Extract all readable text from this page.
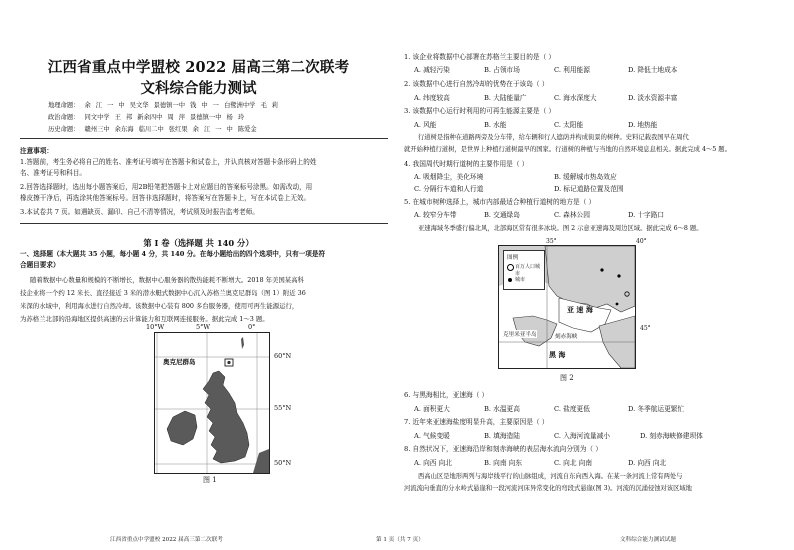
江西省重点中学盟校 2022 届高三第二次联考
文科综合能力测试
地理命题： 余 江 一 中 吴文华 景德镇一中 钱 中 一 白鹭洲中学 毛 莉
政治命题： 同文中学 王 邦 新余四中 周 萍 景德镇一中 杨 玲
历史命题： 赣州三中 余东海 临川二中 张红果 余 江 一 中 陈爱金
注意事项：
1.答题前，考生务必将自己的姓名、准考证号填写在答题卡和试卷上，并认真核对答题卡条形码上的姓
名、准考证号和科目。
2.回答选择题时，选出每小题答案后，用2B铅笔把答题卡上对应题目的答案标号涂黑。如需改动，用
橡皮擦干净后，再选涂其他答案标号。回答非选择题时，将答案写在答题卡上，写在本试卷上无效。
3.本试卷共 7 页。如遇缺页、漏印、自己不清等情况，考试须及时报告监考老师。
第 I 卷（选择题 共 140 分）
一、选择题（本大题共 35 小题，每小题 4 分，共 140 分。在每小题给出的四个选项中，只有一项是符
合题目要求）
随着数据中心数量和规模的不断增长，数据中心服务器的散热能耗不断增大。2018 年美国某高科
技企业将一个约 12 米长、直径接近 3 米的潜水艇式数据中心沉入苏格兰奥克尼群岛（图 1）附近 36
米深的水域中，利用海水进行自然冷却。该数据中心装有 800 多台服务器，使用可再生能源运行，
为苏格兰北部的沿海地区提供高速的云计算能力和互联网连接服务。据此完成 1～3 题。
10°W	5°W	0°
奥克尼群岛
60°N
55°N
50°N
图 1
1. 该企业将数据中心部署在苏格兰主要目的是（ ）
A. 减轻污染	B. 占领市场	C. 利用能源	D. 降低土地成本
2. 该数据中心进行自然冷却的优势在于该岛（ ）
A. 纬度较高	B. 大陆能量广	C. 海水深度大	D. 淡水资源丰富
3. 该数据中心运行时利用的可再生能源主要是（ ）
A. 风能	B. 水能	C. 太阳能	D. 地热能
行道树是指种在道路两旁及分车带，给车辆和行人遮荫并构成街景的树种。史料记载我国早在周代
就开始种植行道树，是世界上种植行道树最早的国家。行道树的种植与当地的自然环境息息相关。据此完成 4～5 题。
4. 我国周代时期行道树的主要作用是（ ）
A. 吸烟降尘，美化环境	B. 缓解城市热岛效应
C. 分隔行车道和人行道	D. 标记道路位置及范围
5. 在城市树种选择上，城市内部最适合种植行道树的地方是（ ）
A. 较窄分车带	B. 交通绿岛	C. 森林公园	D. 十字路口
亚速海域冬季盛行偏北风，北部海区常有很多冰块。图 2 示意亚速海及周边区域。据此完成 6～8 题。
35°	40°
图例
百万人口城市
城市
亚 速 海
刻赤海峡
黑 海
克里米亚半岛
45°
图 2
6. 与黑海相比，亚速海（ ）
A. 面积更大	B. 水温更高	C. 盐度更低	D. 冬季航运更繁忙
7. 近年来亚速海盐度明显升高，主要原因是（ ）
A. 气候变暖	B. 填海造陆	C. 入海河流量减小	D. 刻赤海峡修建坝体
8. 自然状况下，亚速海沿岸和刻赤海峡的表层海水流向分别为（ ）
A. 向西 向北	B. 向南 向东	C. 向北 向南	D. 向西 向北
西高山区是地形两列与海岸线平行的山脉组成，河流自东向西入海。在某一条河流上常有两处与
河流流向垂直的分水岭式悬崖和一段河流河床异常变化的弯段式悬崖(图 3)。河流的沉涌侵蚀对该区域地
江西省重点中学盟校 2022 届高三第二次联考	第 1 页（共 7 页）	文科综合能力测试试题
